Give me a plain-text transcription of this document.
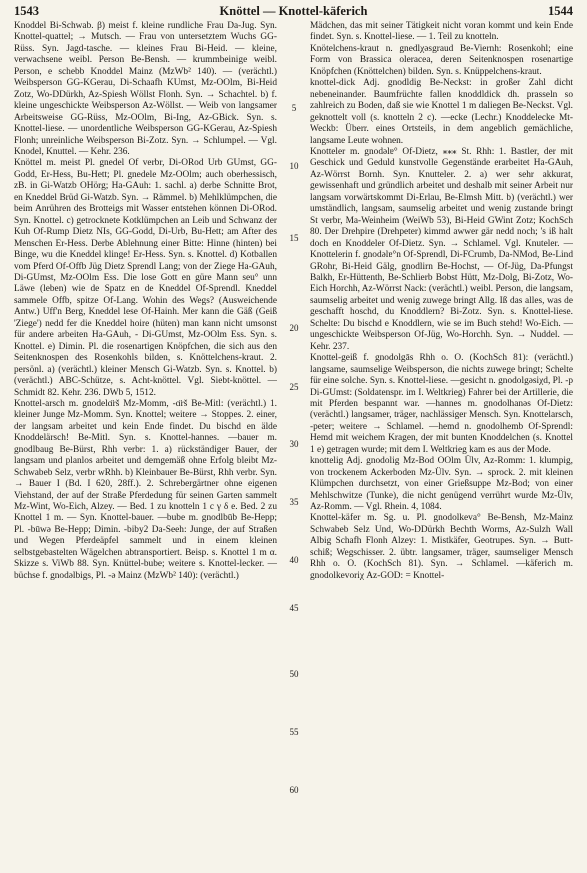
1543	Knöttel — Knottel-käferich	1544

Knoddel Bi-Schwab. β) meist f. kleine rundliche Frau Da-Jug. Syn. Knottel-quattel; → Mutsch. — Frau von untersetztem Wuchs GG-Rüss. Syn. Jagd-tasche. — kleines Frau Bi-Heid. — kleine, verwachsene weibl. Person Be-Bensh. — krummbeinige weibl. Person, e schebb Knoddel Mainz (MzWb² 140). — (verächtl.) Weibsperson GG-KGerau, Di-Schaafh KUmst, Mz-OOlm, Bi-Heid Zotz, Wo-DDürkh, Az-Spiesh Wöllst Flonh. Syn. → Schachtel. b) f. kleine ungeschickte Weibsperson Az-Wöllst. — Weib von langsamer Arbeitsweise GG-Rüss, Mz-OOlm, Bi-Ing, Az-GBick. Syn. s. Knottel-liese. — unordentliche Weibsperson GG-KGerau, Az-Spiesh Flonh; unreinliche Weibsperson Bi-Zotz. Syn. → Schlumpel. — Vgl. Knodel, Knuttel. — Kehr. 236.

Knöttel m. meist Pl. gnedel Of verbr, Di-ORod Urb GUmst, GG-Godd, Er-Hess, Bu-Hett; Pl. gnedele Mz-OOlm; auch oberhessisch, zB. in Gi-Watzb OHörg; Ha-GAuh: 1. sachl. a) derbe Schnitte Brot, en Kneddel Brüd Gi-Watzb. Syn. → Rämmel. b) Mehlklümpchen, die beim Anrühren des Brotteigs mit Wasser entstehen können Di-ORod. Syn. Knottel. c) getrocknete Kotklümpchen an Leib und Schwanz der Kuh Of-Rump Dietz NIs, GG-Godd, Di-Urb, Bu-Hett; am After des Menschen Er-Hess. Derbe Ablehnung einer Bitte: Hinne (hinten) bei Binge, wu die Kneddel klinge! Er-Hess. Syn. s. Knottel. d) Kotballen vom Pferd Of-Offb Jüg Dietz Sprendl Lang; von der Ziege Ha-GAuh, Di-GUmst, Mz-OOlm Ess. Die lose Gott en güre Mann seu° unn Läwe (leben) wie de Spatz en de Kneddel Of-Sprendl. Kneddel sammele Offb, spitze Of-Lang. Wohin des Wegs? (Ausweichende Antw.) Uff'n Berg, Kneddel lese Of-Hainh. Mer kann die Gäß (Geiß 'Ziege') nedd fer die Kneddel hoire (hüten) man kann nicht umsonst für andere arbeiten Ha-GAuh, - Di-GUmst, Mz-OOlm Ess. Syn. s. Knottel. e) Dimin. Pl. die rosenartigen Knöpfchen, die sich aus den Seitenknospen des Rosenkohls bilden, s. Knöttelchens-kraut. 2. persönl. a) (verächtl.) kleiner Mensch Gi-Watzb. Syn. s. Knottel. b) (verächtl.) ABC-Schütze, s. Acht-knöttel. Vgl. Siebt-knöttel. — Schmidt 82. Kehr. 236. DWb 5, 1512.

Knottel-arsch m. gnodelɑ̈rš Mz-Momm, -ɑ̈rš Be-Mitl: (verächtl.) 1. kleiner Junge Mz-Momm. Syn. Knottel; weitere → Stoppes. 2. einer, der langsam arbeitet und kein Ende findet. Du bischd en älde Knoddelärsch! Be-Mitl. Syn. s. Knottel-hannes. —bauer m. gnodlbaug Be-Bürst, Rhh verbr: 1. a) rückständiger Bauer, der langsam und planlos arbeitet und demgemäß ohne Erfolg bleibt Mz-Schwabeb Selz, verbr wRhh. b) Kleinbauer Be-Bürst, Rhh verbr. Syn. → Bauer I (Bd. I 620, 28ff.). 2. Schrebergärtner ohne eigenen Viehstand, der auf der Straße Pferdedung für seinen Garten sammelt Mz-Wint, Wo-Eich, Alzey. — Bed. 1 zu knotteln 1 c γ δ e. Bed. 2 zu Knottel 1 m. — Syn. Knottel-bauer. —bube m. gnodlbūb Be-Hepp; Pl. -būwə Be-Hepp; Dimin. -biby2 Da-Seeh: Junge, der auf Straßen und Wegen Pferdeäpfel sammelt und in einem kleinen selbstgebastelten Wägelchen abtransportiert. Beisp. s. Knottel 1 m α. Skizze s. ViWb 88. Syn. Knüttel-bube; weitere s. Knottel-lecker. —büchse f. gnodəlbigs, Pl. -ə Mainz (MzWb² 140): (verächtl.)

5
10
15
20
25
30
35
40
45
50
55
60

Mädchen, das mit seiner Tätigkeit nicht voran kommt und kein Ende findet. Syn. s. Knottel-liese. — 1. Teil zu knotteln.

Knötelchens-kraut n. gnedlχəsgraud Be-Viernh: Rosenkohl; eine Form von Brassica oleracea, deren Seitenknospen rosenartige Knöpfchen (Knöttelchen) bilden. Syn. s. Knüppelchens-kraut.

knottel-dick Adj. gnodldig Be-Neckst: in großer Zahl dicht nebeneinander. Baumfrüchte fallen knoddldick dh. prasseln so zahlreich zu Boden, daß sie wie Knottel 1 m daliegen Be-Neckst. Vgl. geknottelt voll (s. knotteln 2 c). —ecke (Lechr.) Knoddelecke Mt-Weckb: Überr. eines Ortsteils, in dem angeblich gemächliche, langsame Leute wohnen.

Knotteler m. gnodəlɐ° Of-Dietz, ⁎⁎⁎ St. Rhh: 1. Bastler, der mit Geschick und Geduld kunstvolle Gegenstände erarbeitet Ha-GAuh, Az-Wörrst Bornh. Syn. Knutteler. 2. a) wer sehr akkurat, gewissenhaft und gründlich arbeitet und deshalb mit seiner Arbeit nur langsam vorwärtskommt Di-Erlau, Be-Elmsh Mitt. b) (verächtl.) wer umständlich, langsam, saumselig arbeitet und wenig zustande bringt St verbr, Ma-Weinheim (WeiWb 53), Bi-Heid GWint Zotz; KochSch 80. Der Drehpire (Drehpeter) kimmd awwer gär nedd noch; 's iß halt doch en Knoddeler Of-Dietz. Syn. → Schlamel. Vgl. Knuteler. — Knottelerin f. gnodəlɐ°n Of-Sprendl, Di-FCrumb, Da-NMod, Be-Lind GRohr, Bi-Heid Gälg, gnodlirn Be-Hochst, — Of-Jüg, Da-Pfungst Balkh, Er-Hüttenth, Be-Schlierb Bobst Hütt, Mz-Dolg, Bi-Zotz, Wo-Eich Horchh, Az-Wörrst Nack: (verächtl.) weibl. Person, die langsam, saumselig arbeitet und wenig zuwege bringt Allg. Iß das alles, was de geschafft hoschd, du Knoddlern? Bi-Zotz. Syn. s. Knottel-liese. Schelte: Du bischd e Knoddlern, wie se im Buch stehd! Wo-Eich. — ungeschickte Weibsperson Of-Jüg, Wo-Horchh. Syn. → Nuddel. — Kehr. 237.

Knottel-geiß f. gnodolgās Rhh o. O. (KochSch 81): (verächtl.) langsame, saumselige Weibsperson, die nichts zuwege bringt; Schelte für eine solche. Syn. s. Knottel-liese. —gesicht n. gnodolgəsiχd, Pl. -p Di-GUmst: (Soldatenspr. im I. Weltkrieg) Fahrer bei der Artillerie, die mit Pferden bespannt war. —hannes m. gnodolhanəs Of-Dietz: (verächtl.) langsamer, träger, nachlässiger Mensch. Syn. Knottelarsch, -peter; weitere → Schlamel. —hemd n. gnodolhemb Of-Sprendl: Hemd mit weichem Kragen, der mit bunten Knoddelchen (s. Knottel 1 e) getragen wurde; mit dem I. Weltkrieg kam es aus der Mode.

knottelig Adj. gnodolig Mz-Bod OOlm Ülv, Az-Romm: 1. klumpig, von trockenem Ackerboden Mz-Ülv. Syn. → sprock. 2. mit kleinen Klümpchen durchsetzt, von einer Grießsuppe Mz-Bod; von einer Mehlschwitze (Tunke), die nicht genügend verrührt wurde Mz-Ülv, Az-Romm. — Vgl. Rhein. 4, 1084.

Knottel-käfer m. Sg. u. Pl. gnodolkeva° Be-Bensh, Mz-Mainz Schwabeb Selz Und, Wo-DDürkh Bechth Worms, Az-Sulzh Wall Albig Schafh Flonh Alzey: 1. Mistkäfer, Geotrupes. Syn. → Butt-schiß; Wegschisser. 2. übtr. langsamer, träger, saumseliger Mensch Rhh o. O. (KochSch 81). Syn. → Schlamel. —käferich m. gnodolkevoriχ Az-GOD: = Knottel-
